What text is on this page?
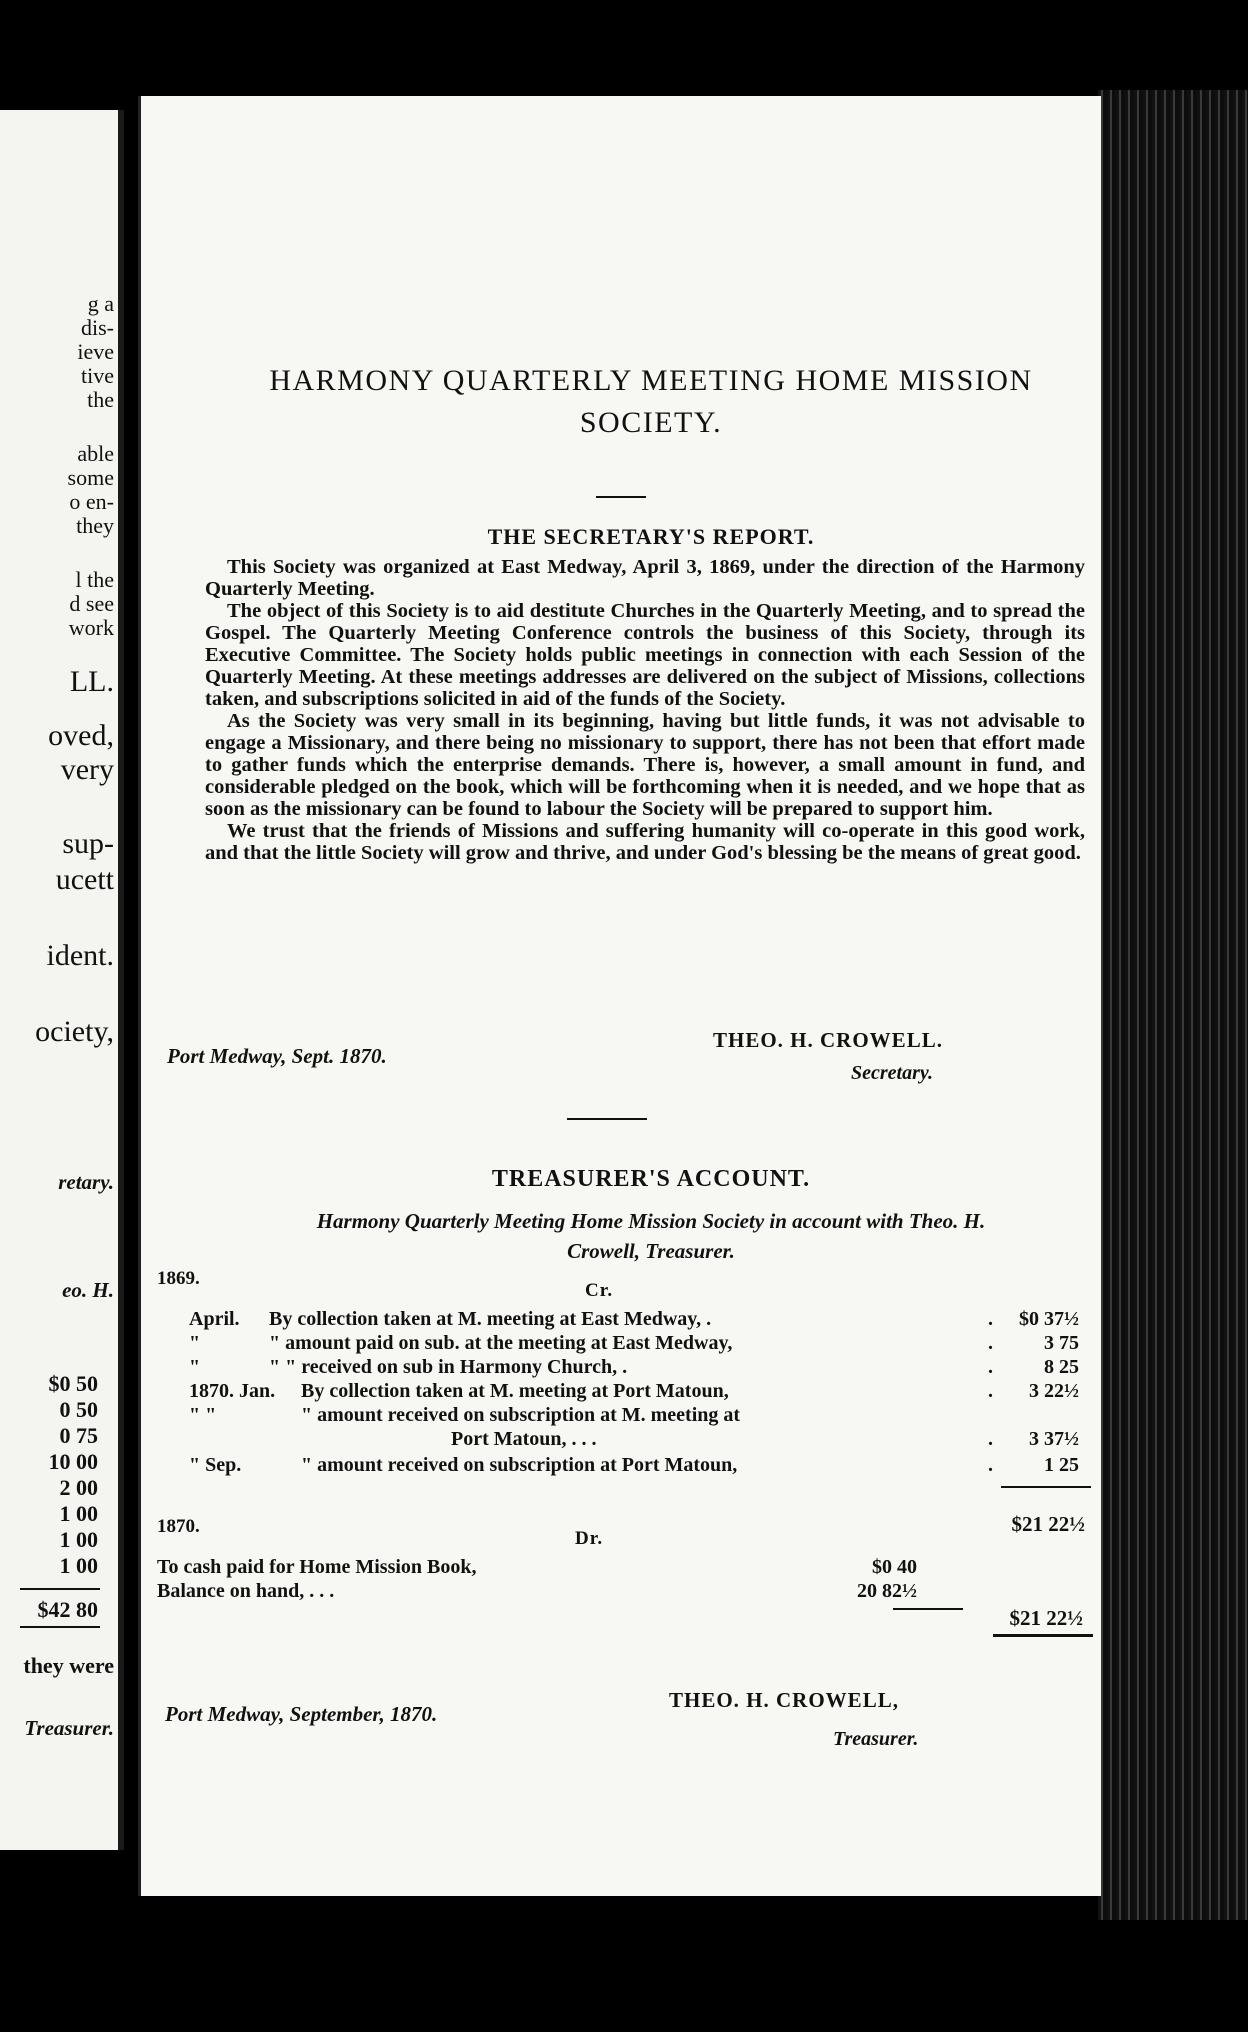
g a
dis-
ieve
tive
the
able
some
o en-
they
l the
d see
work
LL.
oved,
very
sup-
ucett
ident.
ociety,
retary.
eo. H.
$0 50
0 50
0 75
10 00
2 00
1 00
1 00
1 00
$42 80
they were
Treasurer.
HARMONY QUARTERLY MEETING HOME MISSION
SOCIETY.
THE SECRETARY'S REPORT.

This Society was organized at East Medway, April 3, 1869, under the direction of the Harmony Quarterly Meeting.

The object of this Society is to aid destitute Churches in the Quarterly Meeting, and to spread the Gospel. The Quarterly Meeting Conference controls the business of this Society, through its Executive Committee. The Society holds public meetings in connection with each Session of the Quarterly Meeting. At these meetings addresses are delivered on the subject of Missions, collections taken, and subscriptions solicited in aid of the funds of the Society.

As the Society was very small in its beginning, having but little funds, it was not advisable to engage a Missionary, and there being no missionary to support, there has not been that effort made to gather funds which the enterprise demands. There is, however, a small amount in fund, and considerable pledged on the book, which will be forthcoming when it is needed, and we hope that as soon as the missionary can be found to labour the Society will be prepared to support him.

We trust that the friends of Missions and suffering humanity will co-operate in this good work, and that the little Society will grow and thrive, and under God's blessing be the means of great good.

Port Medway, Sept. 1870.
THEO. H. CROWELL.
Secretary.
TREASURER'S ACCOUNT.
Harmony Quarterly Meeting Home Mission Society in account with Theo. H.
Crowell, Treasurer.
1869.
Cr.
April.	By collection taken at M. meeting at East Medway, .	.	$0 37½
"	" amount paid on sub. at the meeting at East Medway,	.	3 75
"	" " received on sub in Harmony Church, .	.	8 25
1870. Jan.	By collection taken at M. meeting at Port Matoun,	.	3 22½
" "	" amount received on subscription at M. meeting at
Port Matoun, . . .	.	3 37½
" Sep.	" amount received on subscription at Port Matoun,	.	1 25
1870.
Dr.
$21 22½
To cash paid for Home Mission Book,	$0 40
Balance on hand, . . .	20 82½
$21 22½
Port Medway, September, 1870.
THEO. H. CROWELL,
Treasurer.
